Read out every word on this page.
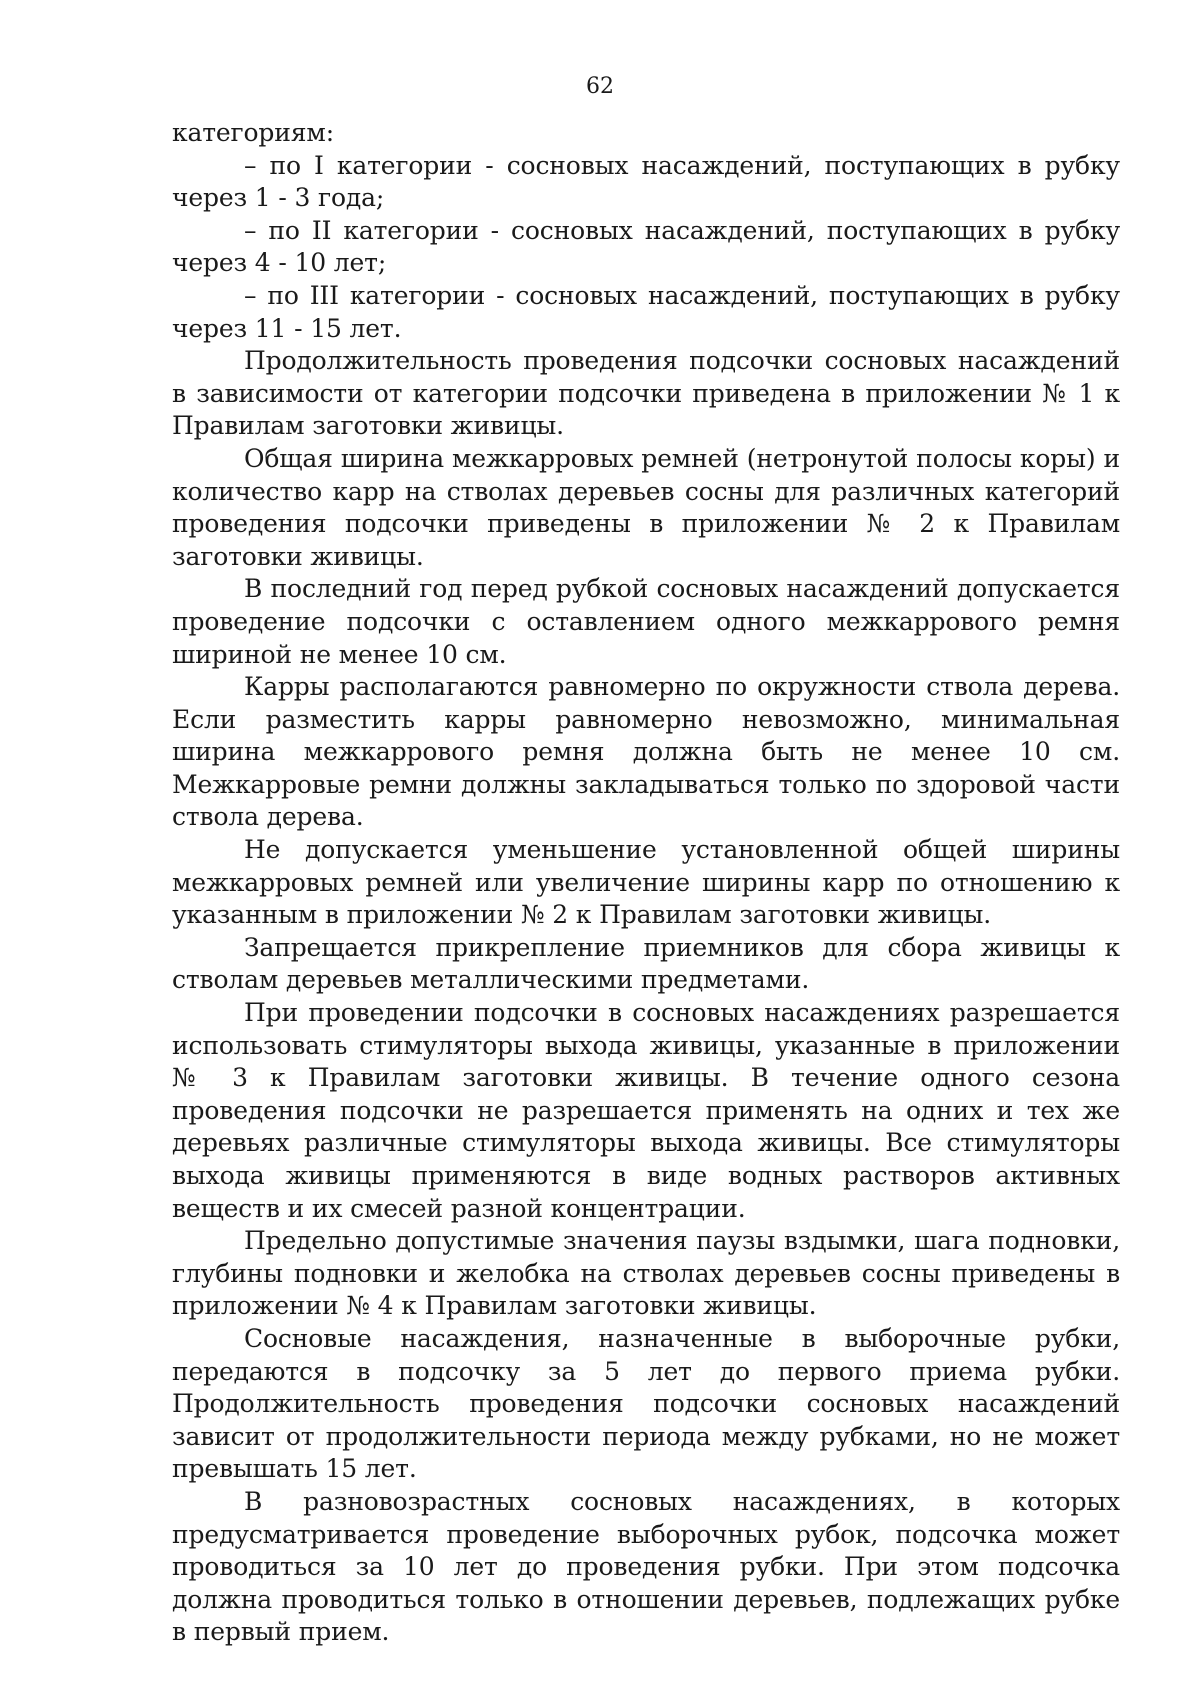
62

категориям:

– по I категории - сосновых насаждений, поступающих в рубку через 1 - 3 года;

– по II категории - сосновых насаждений, поступающих в рубку через 4 - 10 лет;

– по III категории - сосновых насаждений, поступающих в рубку через 11 - 15 лет.

Продолжительность проведения подсочки сосновых насаждений в зависимости от категории подсочки приведена в приложении № 1 к Правилам заготовки живицы.

Общая ширина межкарровых ремней (нетронутой полосы коры) и количество карр на стволах деревьев сосны для различных категорий проведения подсочки приведены в приложении № 2 к Правилам заготовки живицы.

В последний год перед рубкой сосновых насаждений допускается проведение подсочки с оставлением одного межкаррового ремня шириной не менее 10 см.

Карры располагаются равномерно по окружности ствола дерева. Если разместить карры равномерно невозможно, минимальная ширина межкаррового ремня должна быть не менее 10 см. Межкарровые ремни должны закладываться только по здоровой части ствола дерева.

Не допускается уменьшение установленной общей ширины межкарровых ремней или увеличение ширины карр по отношению к указанным в приложении № 2 к Правилам заготовки живицы.

Запрещается прикрепление приемников для сбора живицы к стволам деревьев металлическими предметами.

При проведении подсочки в сосновых насаждениях разрешается использовать стимуляторы выхода живицы, указанные в приложении № 3 к Правилам заготовки живицы. В течение одного сезона проведения подсочки не разрешается применять на одних и тех же деревьях различные стимуляторы выхода живицы. Все стимуляторы выхода живицы применяются в виде водных растворов активных веществ и их смесей разной концентрации.

Предельно допустимые значения паузы вздымки, шага подновки, глубины подновки и желобка на стволах деревьев сосны приведены в приложении № 4 к Правилам заготовки живицы.

Сосновые насаждения, назначенные в выборочные рубки, передаются в подсочку за 5 лет до первого приема рубки. Продолжительность проведения подсочки сосновых насаждений зависит от продолжительности периода между рубками, но не может превышать 15 лет.

В разновозрастных сосновых насаждениях, в которых предусматривается проведение выборочных рубок, подсочка может проводиться за 10 лет до проведения рубки. При этом подсочка должна проводиться только в отношении деревьев, подлежащих рубке в первый прием.
